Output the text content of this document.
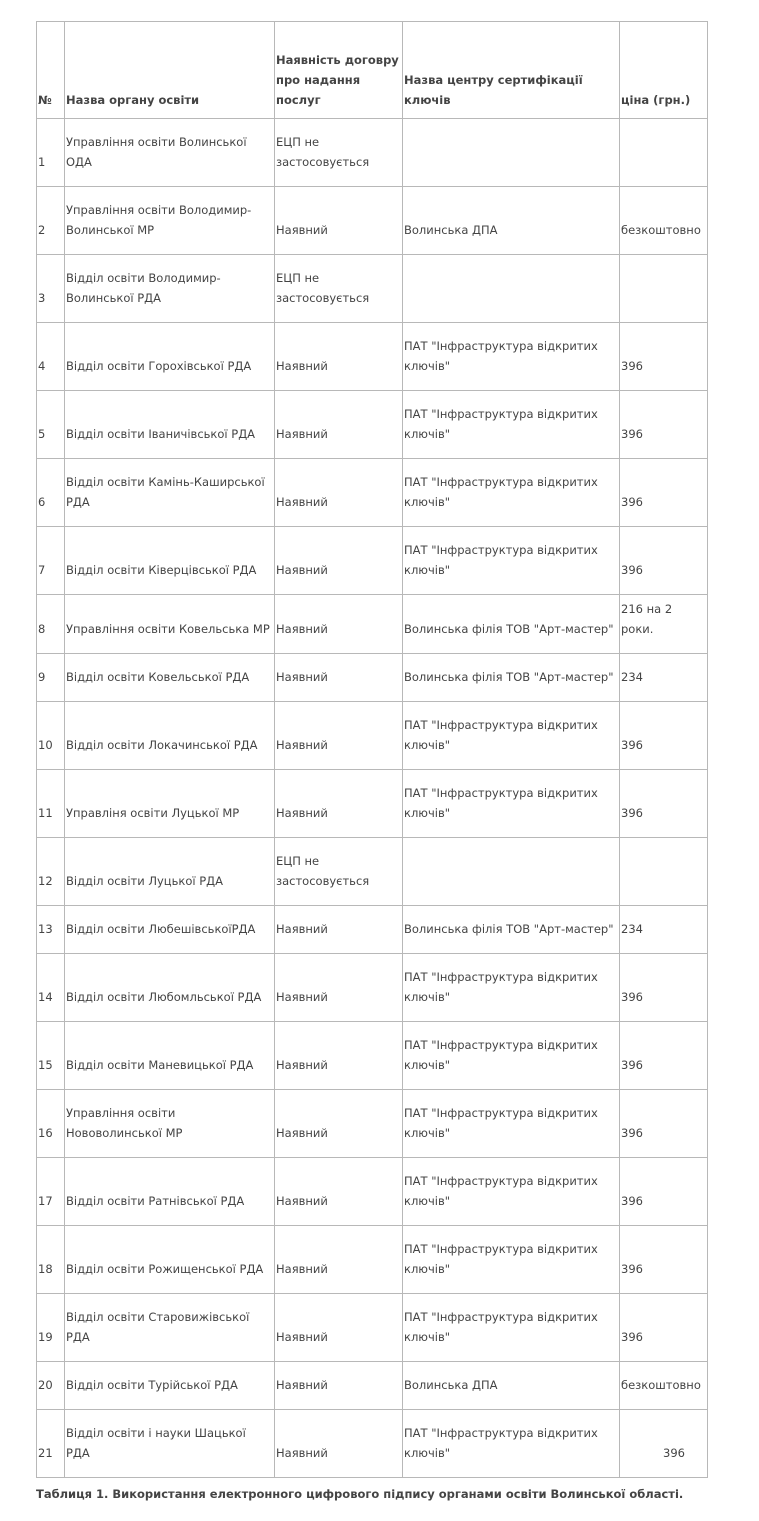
№	Назва органу освіти	Наявність договру про надання послуг	Назва центру сертифікації ключів	ціна (грн.)
1	Управління освіти Волинської ОДА	ЕЦП не застосовується		
2	Управління освіти Володимир-Волинської МР	Наявний	Волинська ДПА	безкоштовно
3	Відділ освіти Володимир-Волинської РДА	ЕЦП не застосовується		
4	Відділ освіти Горохівської РДА	Наявний	ПАТ "Інфраструктура відкритих ключів"	396
5	Відділ освіти Іваничівської РДА	Наявний	ПАТ "Інфраструктура відкритих ключів"	396
6	Відділ освіти Камінь-Каширської РДА	Наявний	ПАТ "Інфраструктура відкритих ключів"	396
7	Відділ освіти Ківерцівської РДА	Наявний	ПАТ "Інфраструктура відкритих ключів"	396
8	Управління освіти Ковельська МР	Наявний	Волинська філія ТОВ "Арт-мастер"	216 на 2 роки.
9	Відділ освіти Ковельської РДА	Наявний	Волинська філія ТОВ "Арт-мастер"	234
10	Відділ освіти Локачинської РДА	Наявний	ПАТ "Інфраструктура відкритих ключів"	396
11	Управліня освіти Луцької МР	Наявний	ПАТ "Інфраструктура відкритих ключів"	396
12	Відділ освіти Луцької РДА	ЕЦП не застосовується		
13	Відділ освіти ЛюбешівськоїРДА	Наявний	Волинська філія ТОВ "Арт-мастер"	234
14	Відділ освіти Любомльської РДА	Наявний	ПАТ "Інфраструктура відкритих ключів"	396
15	Відділ освіти Маневицької РДА	Наявний	ПАТ "Інфраструктура відкритих ключів"	396
16	Управління освіти Нововолинської МР	Наявний	ПАТ "Інфраструктура відкритих ключів"	396
17	Відділ освіти Ратнівської РДА	Наявний	ПАТ "Інфраструктура відкритих ключів"	396
18	Відділ освіти Рожищенської РДА	Наявний	ПАТ "Інфраструктура відкритих ключів"	396
19	Відділ освіти Старовижівської РДА	Наявний	ПАТ "Інфраструктура відкритих ключів"	396
20	Відділ освіти Турійської РДА	Наявний	Волинська ДПА	безкоштовно
21	Відділ освіти і науки Шацької РДА	Наявний	ПАТ "Інфраструктура відкритих ключів"	396
Таблиця 1. Використання електронного цифрового підпису органами освіти Волинської області.
